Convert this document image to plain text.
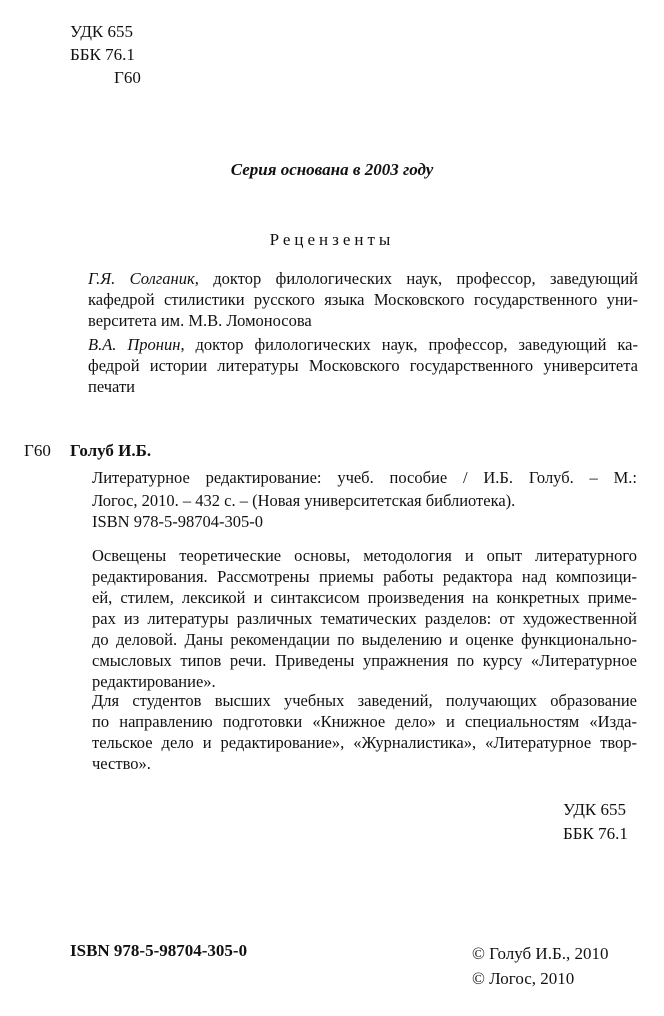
УДК 655
ББК 76.1
Г60
Серия основана в 2003 году
Рецензенты
Г.Я. Солганик, доктор филологических наук, профессор, заведующий
кафедрой стилистики русского языка Московского государственного уни-
верситета им. М.В. Ломоносова
В.А. Пронин, доктор филологических наук, профессор, заведующий ка-
федрой истории литературы Московского государственного университета
печати
Г60 Голуб И.Б.
Литературное редактирование: учеб. пособие / И.Б. Голуб. – М.:
Логос, 2010. – 432 с. – (Новая университетская библиотека).
ISBN 978-5-98704-305-0
Освещены теоретические основы, методология и опыт литературного
редактирования. Рассмотрены приемы работы редактора над композици-
ей, стилем, лексикой и синтаксисом произведения на конкретных приме-
рах из литературы различных тематических разделов: от художественной
до деловой. Даны рекомендации по выделению и оценке функционально-
смысловых типов речи. Приведены упражнения по курсу «Литературное
редактирование».
Для студентов высших учебных заведений, получающих образование
по направлению подготовки «Книжное дело» и специальностям «Изда-
тельское дело и редактирование», «Журналистика», «Литературное твор-
чество».
УДК 655
ББК 76.1
ISBN 978-5-98704-305-0	© Голуб И.Б., 2010
© Логос, 2010
